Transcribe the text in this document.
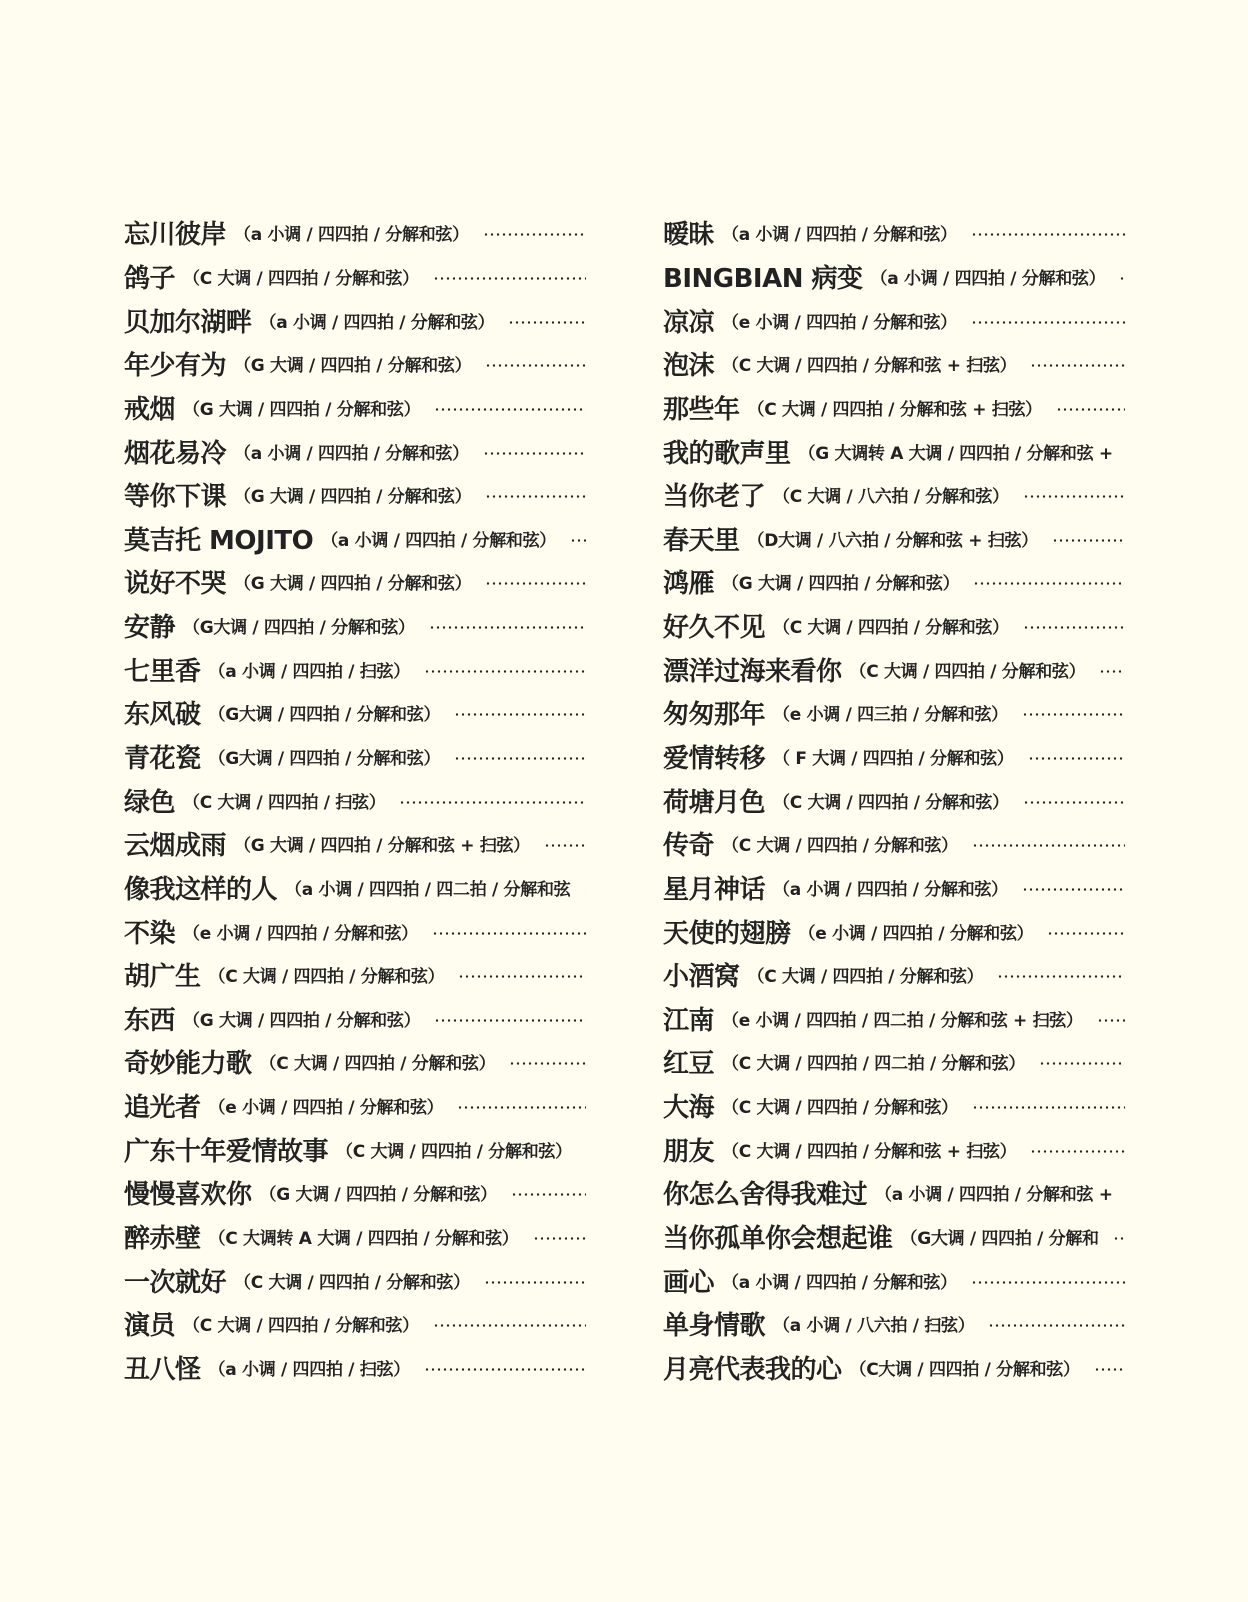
忘川彼岸 （a 小调 / 四四拍 / 分解和弦）
鸽子 （C 大调 / 四四拍 / 分解和弦）
贝加尔湖畔 （a 小调 / 四四拍 / 分解和弦）
年少有为 （G 大调 / 四四拍 / 分解和弦）
戒烟 （G 大调 / 四四拍 / 分解和弦）
烟花易冷 （a 小调 / 四四拍 / 分解和弦）
等你下课 （G 大调 / 四四拍 / 分解和弦）
莫吉托 MOJITO （a 小调 / 四四拍 / 分解和弦）
说好不哭 （G 大调 / 四四拍 / 分解和弦）
安静 （G大调 / 四四拍 / 分解和弦）
七里香 （a 小调 / 四四拍 / 扫弦）
东风破 （G大调 / 四四拍 / 分解和弦）
青花瓷 （G大调 / 四四拍 / 分解和弦）
绿色 （C 大调 / 四四拍 / 扫弦）
云烟成雨 （G 大调 / 四四拍 / 分解和弦 + 扫弦）
像我这样的人 （a 小调 / 四四拍 / 四二拍 / 分解和弦
不染 （e 小调 / 四四拍 / 分解和弦）
胡广生 （C 大调 / 四四拍 / 分解和弦）
东西 （G 大调 / 四四拍 / 分解和弦）
奇妙能力歌 （C 大调 / 四四拍 / 分解和弦）
追光者 （e 小调 / 四四拍 / 分解和弦）
广东十年爱情故事 （C 大调 / 四四拍 / 分解和弦）
慢慢喜欢你 （G 大调 / 四四拍 / 分解和弦）
醉赤壁 （C 大调转 A 大调 / 四四拍 / 分解和弦）
一次就好 （C 大调 / 四四拍 / 分解和弦）
演员 （C 大调 / 四四拍 / 分解和弦）
丑八怪 （a 小调 / 四四拍 / 扫弦）
暧昧 （a 小调 / 四四拍 / 分解和弦）
BINGBIAN 病变 （a 小调 / 四四拍 / 分解和弦）
凉凉 （e 小调 / 四四拍 / 分解和弦）
泡沫 （C 大调 / 四四拍 / 分解和弦 + 扫弦）
那些年 （C 大调 / 四四拍 / 分解和弦 + 扫弦）
我的歌声里 （G 大调转 A 大调 / 四四拍 / 分解和弦 +
当你老了 （C 大调 / 八六拍 / 分解和弦）
春天里 （D大调 / 八六拍 / 分解和弦 + 扫弦）
鸿雁 （G 大调 / 四四拍 / 分解和弦）
好久不见 （C 大调 / 四四拍 / 分解和弦）
漂洋过海来看你 （C 大调 / 四四拍 / 分解和弦）
匆匆那年 （e 小调 / 四三拍 / 分解和弦）
爱情转移 （ F 大调 / 四四拍 / 分解和弦）
荷塘月色 （C 大调 / 四四拍 / 分解和弦）
传奇 （C 大调 / 四四拍 / 分解和弦）
星月神话 （a 小调 / 四四拍 / 分解和弦）
天使的翅膀 （e 小调 / 四四拍 / 分解和弦）
小酒窝 （C 大调 / 四四拍 / 分解和弦）
江南 （e 小调 / 四四拍 / 四二拍 / 分解和弦 + 扫弦）
红豆 （C 大调 / 四四拍 / 四二拍 / 分解和弦）
大海 （C 大调 / 四四拍 / 分解和弦）
朋友 （C 大调 / 四四拍 / 分解和弦 + 扫弦）
你怎么舍得我难过 （a 小调 / 四四拍 / 分解和弦 +
当你孤单你会想起谁 （G大调 / 四四拍 / 分解和
画心 （a 小调 / 四四拍 / 分解和弦）
单身情歌 （a 小调 / 八六拍 / 扫弦）
月亮代表我的心 （C大调 / 四四拍 / 分解和弦）
